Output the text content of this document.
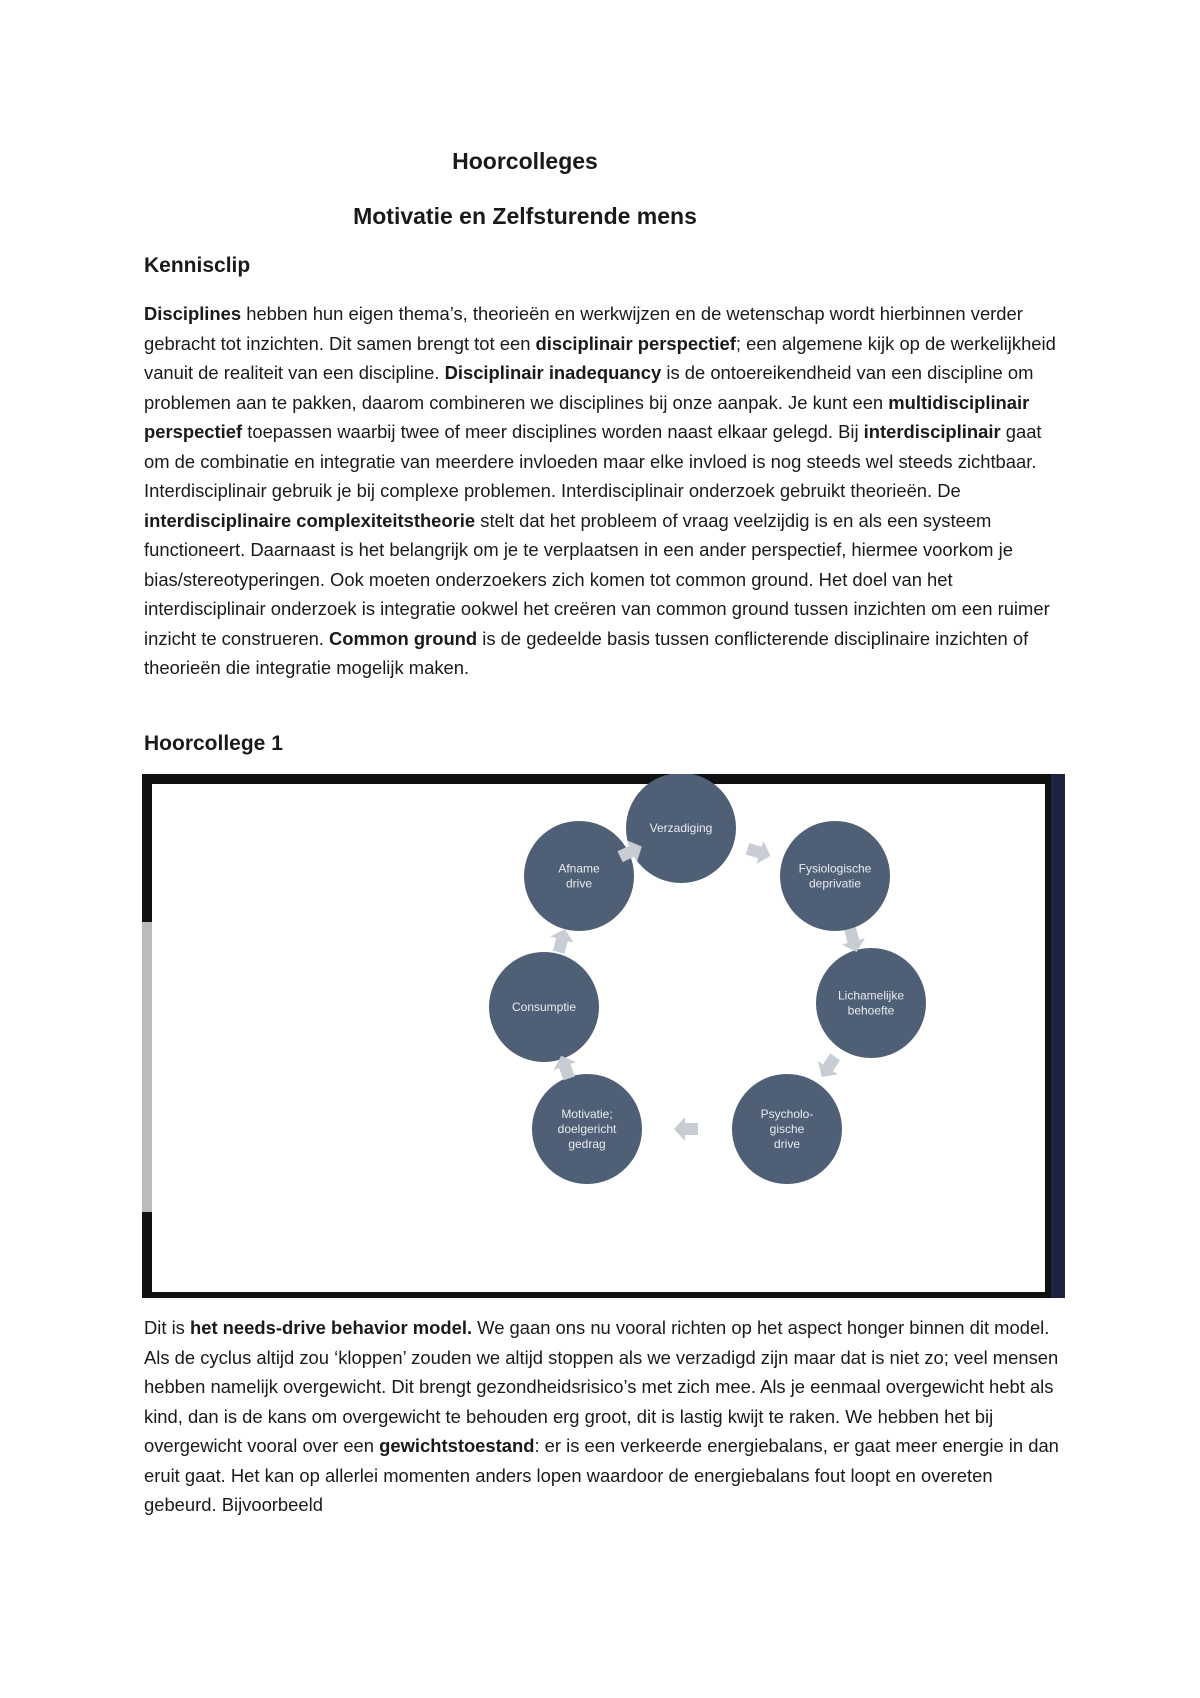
Hoorcolleges
Motivatie en Zelfsturende mens
Kennisclip

Disciplines hebben hun eigen thema’s, theorieën en werkwijzen en de wetenschap wordt hierbinnen verder gebracht tot inzichten. Dit samen brengt tot een disciplinair perspectief; een algemene kijk op de werkelijkheid vanuit de realiteit van een discipline. Disciplinair inadequancy is de ontoereikendheid van een discipline om problemen aan te pakken, daarom combineren we disciplines bij onze aanpak. Je kunt een multidisciplinair perspectief toepassen waarbij twee of meer disciplines worden naast elkaar gelegd. Bij interdisciplinair gaat om de combinatie en integratie van meerdere invloeden maar elke invloed is nog steeds wel steeds zichtbaar. Interdisciplinair gebruik je bij complexe problemen. Interdisciplinair onderzoek gebruikt theorieën. De interdisciplinaire complexiteitstheorie stelt dat het probleem of vraag veelzijdig is en als een systeem functioneert. Daarnaast is het belangrijk om je te verplaatsen in een ander perspectief, hiermee voorkom je bias/stereotyperingen. Ook moeten onderzoekers zich komen tot common ground. Het doel van het interdisciplinair onderzoek is integratie ookwel het creëren van common ground tussen inzichten om een ruimer inzicht te construeren. Common ground is de gedeelde basis tussen conflicterende disciplinaire inzichten of theorieën die integratie mogelijk maken.

Hoorcollege 1
Verzadiging
Fysiologische
deprivatie
Lichamelijke
behoefte
Psycholo-
gische
drive
Motivatie;
doelgericht
gedrag
Consumptie
Afname
drive

Dit is het needs-drive behavior model. We gaan ons nu vooral richten op het aspect honger binnen dit model. Als de cyclus altijd zou ‘kloppen’ zouden we altijd stoppen als we verzadigd zijn maar dat is niet zo; veel mensen hebben namelijk overgewicht. Dit brengt gezondheidsrisico’s met zich mee. Als je eenmaal overgewicht hebt als kind, dan is de kans om overgewicht te behouden erg groot, dit is lastig kwijt te raken. We hebben het bij overgewicht vooral over een gewichtstoestand: er is een verkeerde energiebalans, er gaat meer energie in dan eruit gaat. Het kan op allerlei momenten anders lopen waardoor de energiebalans fout loopt en overeten gebeurd. Bijvoorbeeld
